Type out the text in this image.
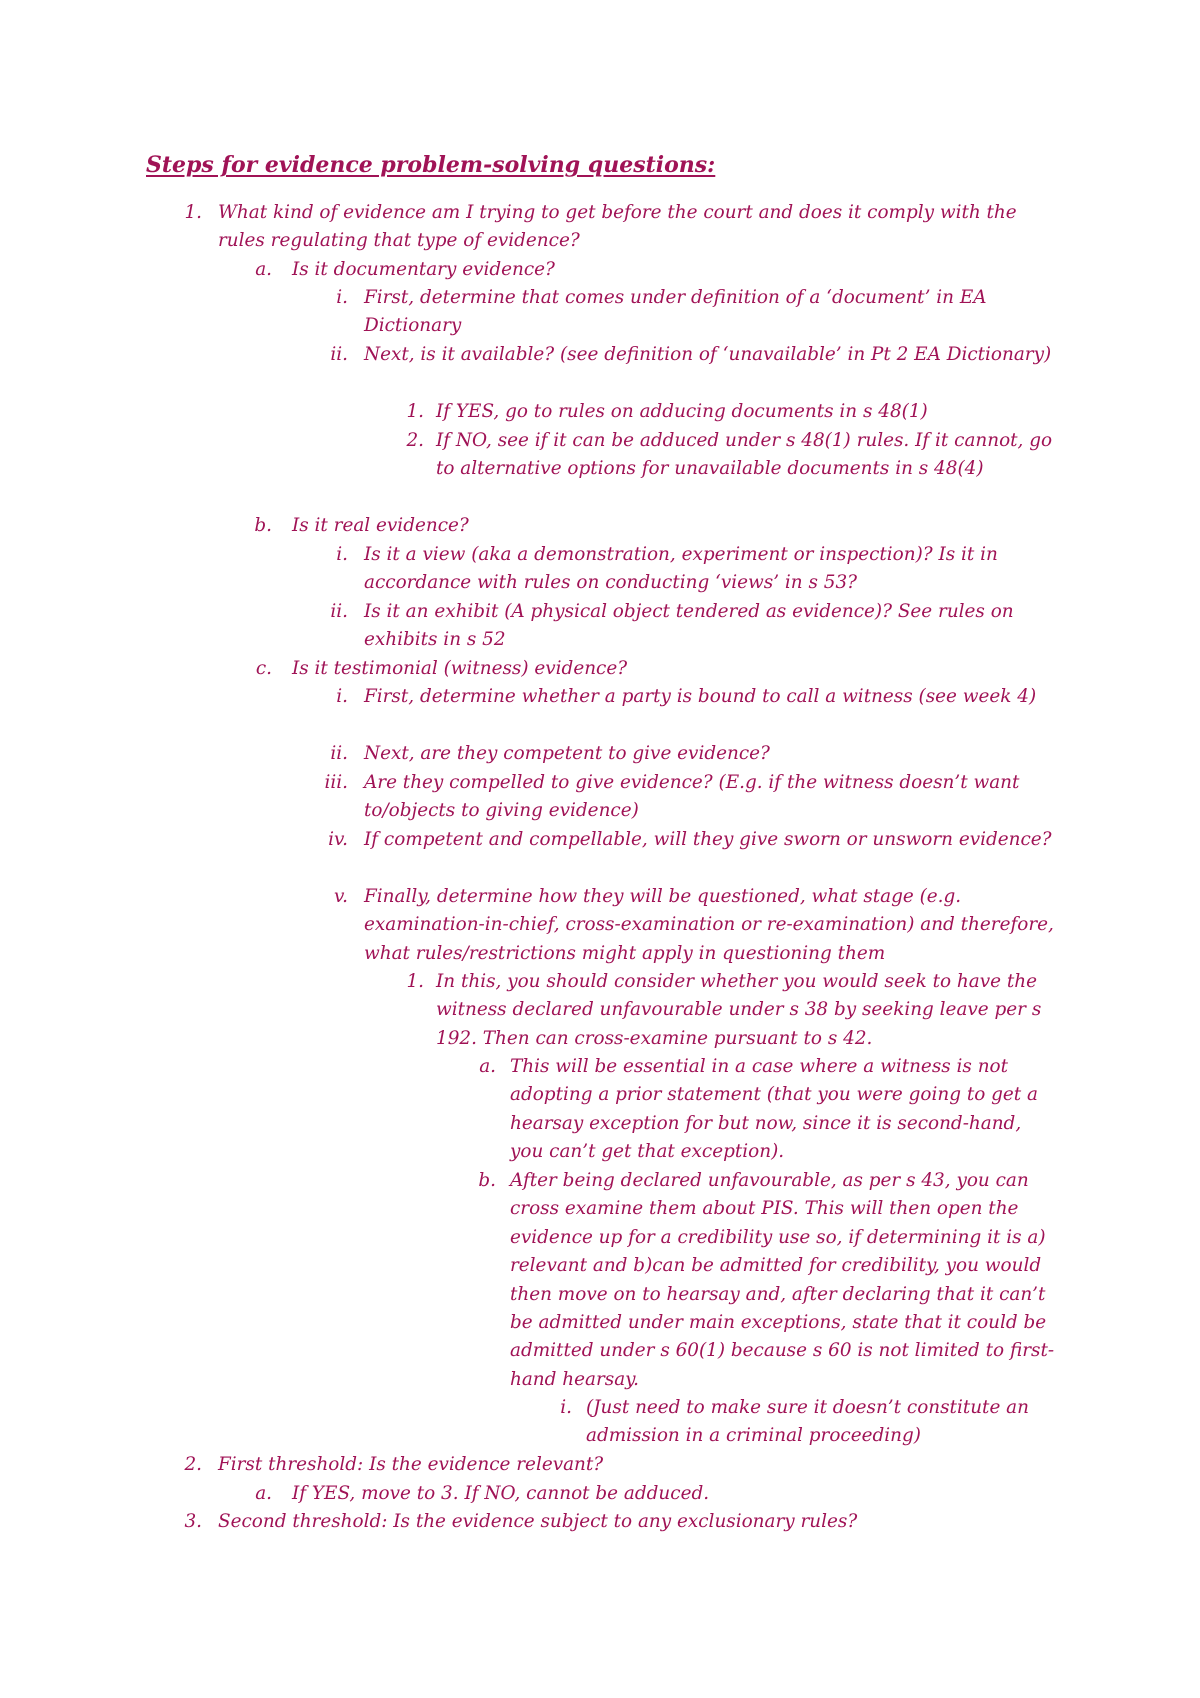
Steps for evidence problem-solving questions:
1. What kind of evidence am I trying to get before the court and does it comply with the rules regulating that type of evidence?
a. Is it documentary evidence?
i. First, determine that comes under definition of a ‘document’ in EA Dictionary
ii. Next, is it available? (see definition of ‘unavailable’ in Pt 2 EA Dictionary)
1. If YES, go to rules on adducing documents in s 48(1)
2. If NO, see if it can be adduced under s 48(1) rules. If it cannot, go to alternative options for unavailable documents in s 48(4)
b. Is it real evidence?
i. Is it a view (aka a demonstration, experiment or inspection)? Is it in accordance with rules on conducting ‘views’ in s 53?
ii. Is it an exhibit (A physical object tendered as evidence)? See rules on exhibits in s 52
c. Is it testimonial (witness) evidence?
i. First, determine whether a party is bound to call a witness (see week 4)
ii. Next, are they competent to give evidence?
iii. Are they compelled to give evidence? (E.g. if the witness doesn’t want to/objects to giving evidence)
iv. If competent and compellable, will they give sworn or unsworn evidence?
v. Finally, determine how they will be questioned, what stage (e.g. examination-in-chief, cross-examination or re-examination) and therefore, what rules/restrictions might apply in questioning them
1. In this, you should consider whether you would seek to have the witness declared unfavourable under s 38 by seeking leave per s 192. Then can cross-examine pursuant to s 42.
a. This will be essential in a case where a witness is not adopting a prior statement (that you were going to get a hearsay exception for but now, since it is second-hand, you can’t get that exception).
b. After being declared unfavourable, as per s 43, you can cross examine them about PIS. This will then open the evidence up for a credibility use so, if determining it is a) relevant and b)can be admitted for credibility, you would then move on to hearsay and, after declaring that it can’t be admitted under main exceptions, state that it could be admitted under s 60(1) because s 60 is not limited to first-hand hearsay.
i. (Just need to make sure it doesn’t constitute an admission in a criminal proceeding)
2. First threshold: Is the evidence relevant?
a. If YES, move to 3. If NO, cannot be adduced.
3. Second threshold: Is the evidence subject to any exclusionary rules?
